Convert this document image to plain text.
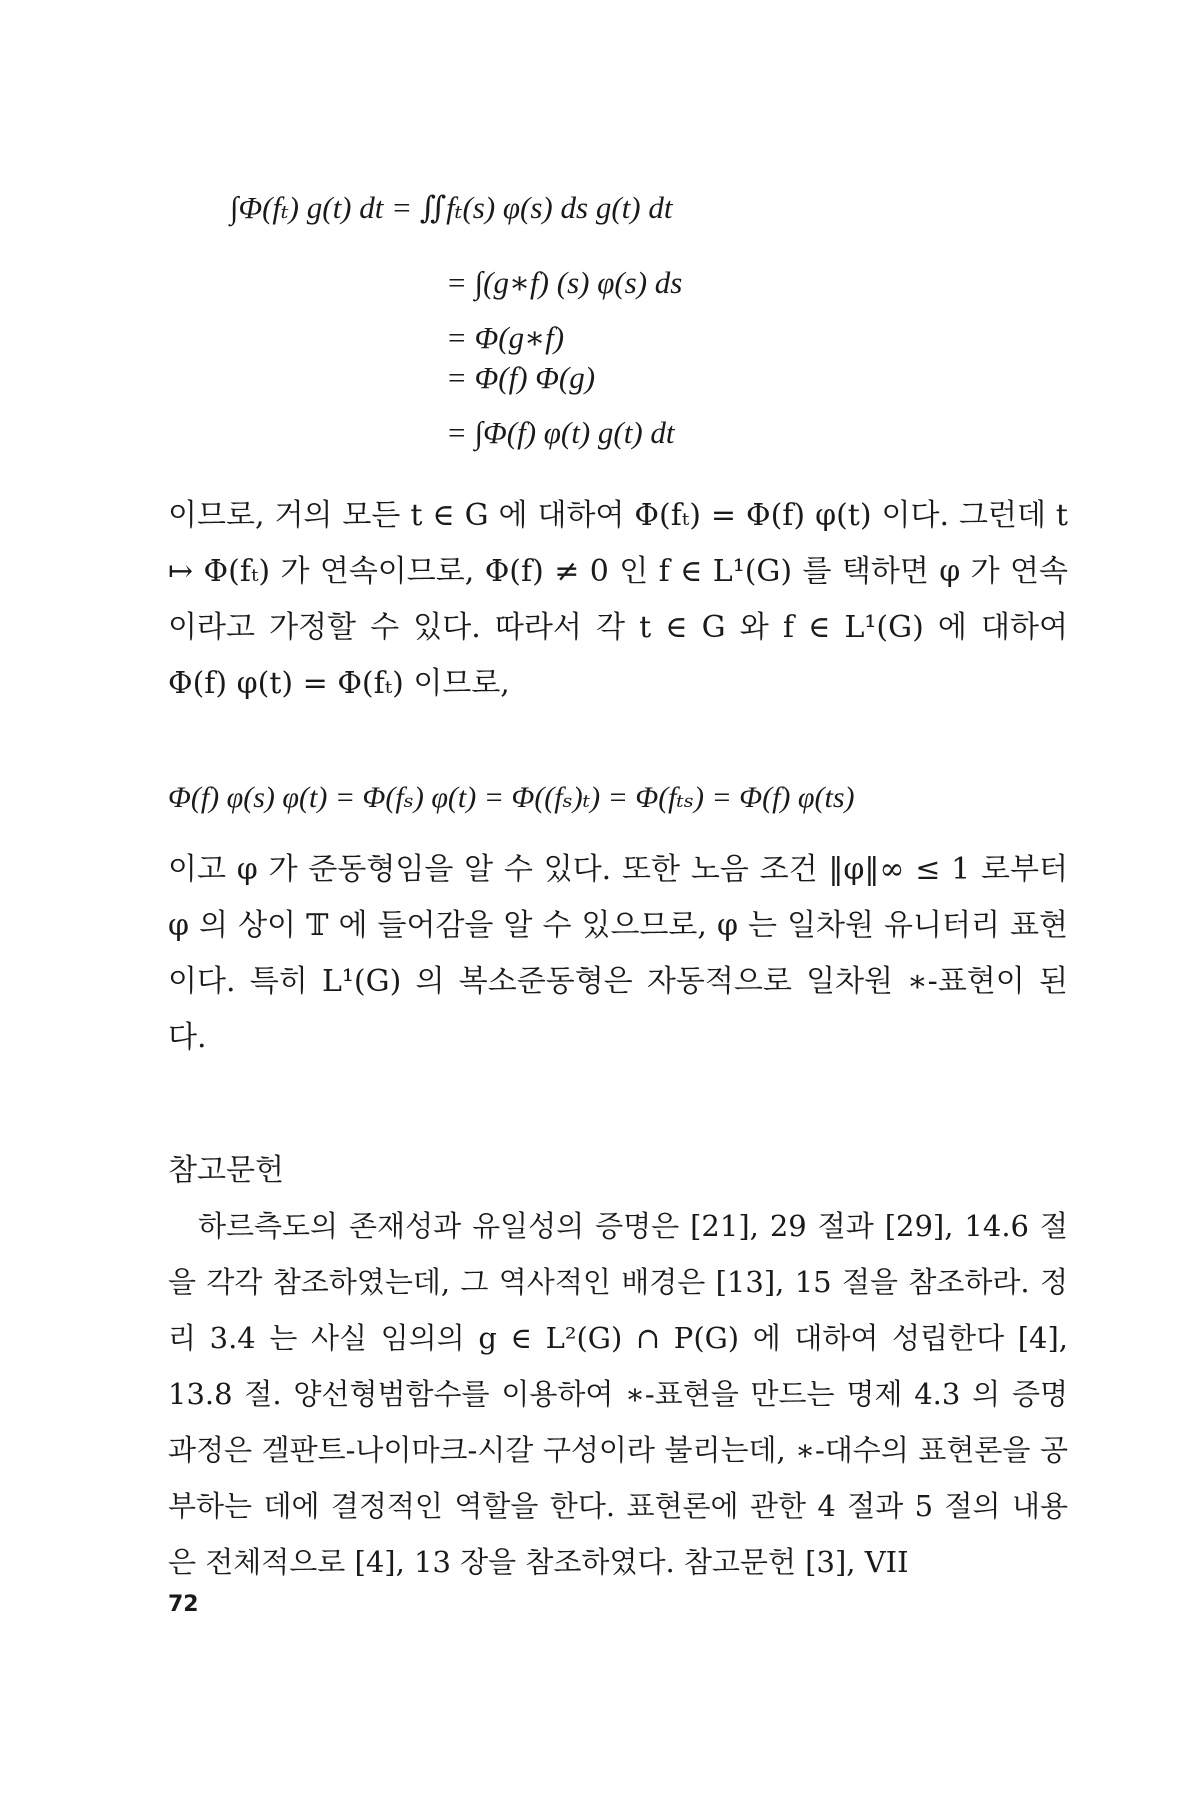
∫Φ(fₜ) g(t) dt = ∬fₜ(s) φ(s) ds g(t) dt
= ∫(g∗f) (s) φ(s) ds
= Φ(g∗f)
= Φ(f) Φ(g)
= ∫Φ(f) φ(t) g(t) dt

이므로, 거의 모든 t ∈ G 에 대하여 Φ(fₜ) = Φ(f) φ(t) 이다. 그런데 t ↦ Φ(fₜ) 가 연속이므로, Φ(f) ≠ 0 인 f ∈ L¹(G) 를 택하면 φ 가 연속이라고 가정할 수 있다. 따라서 각 t ∈ G 와 f ∈ L¹(G) 에 대하여 Φ(f) φ(t) = Φ(fₜ) 이므로,

Φ(f) φ(s) φ(t) = Φ(fₛ) φ(t) = Φ((fₛ)ₜ) = Φ(fₜₛ) = Φ(f) φ(ts)

이고 φ 가 준동형임을 알 수 있다. 또한 노음 조건 ‖φ‖∞ ≤ 1 로부터 φ 의 상이 𝕋 에 들어감을 알 수 있으므로, φ 는 일차원 유니터리 표현이다. 특히 L¹(G) 의 복소준동형은 자동적으로 일차원 ∗-표현이 된다.

참고문헌
하르측도의 존재성과 유일성의 증명은 [21], 29 절과 [29], 14.6 절을 각각 참조하였는데, 그 역사적인 배경은 [13], 15 절을 참조하라. 정리 3.4 는 사실 임의의 g ∈ L²(G) ∩ P(G) 에 대하여 성립한다 [4], 13.8 절. 양선형범함수를 이용하여 ∗-표현을 만드는 명제 4.3 의 증명 과정은 겔판트-나이마크-시갈 구성이라 불리는데, ∗-대수의 표현론을 공부하는 데에 결정적인 역할을 한다. 표현론에 관한 4 절과 5 절의 내용은 전체적으로 [4], 13 장을 참조하였다. 참고문헌 [3], VII
72
